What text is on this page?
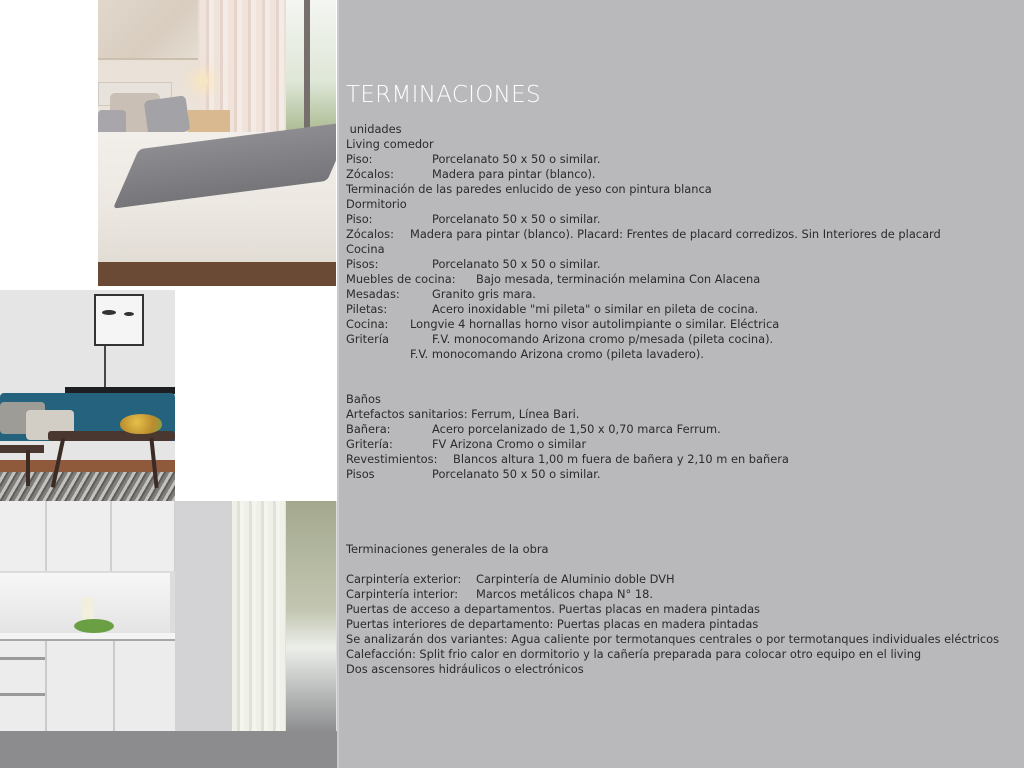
TERMINACIONES
unidades
Living comedor
Piso:	Porcelanato 50 x 50 o similar.
Zócalos:	Madera para pintar (blanco).
Terminación de las paredes enlucido de yeso con pintura blanca
Dormitorio
Piso:	Porcelanato 50 x 50 o similar.
Zócalos: Madera para pintar (blanco). Placard: Frentes de placard corredizos. Sin Interiores de placard
Cocina
Pisos:	Porcelanato 50 x 50 o similar.
Muebles de cocina: Bajo mesada, terminación melamina Con Alacena
Mesadas:	Granito gris mara.
Piletas:	Acero inoxidable "mi pileta" o similar en pileta de cocina.
Cocina: Longvie 4 hornallas horno visor autolimpiante o similar. Eléctrica
Gritería	F.V. monocomando Arizona cromo p/mesada (pileta cocina).
F.V. monocomando Arizona cromo (pileta lavadero).
Baños
Artefactos sanitarios: Ferrum, Línea Bari.
Bañera:	Acero porcelanizado de 1,50 x 0,70 marca Ferrum.
Gritería:	FV Arizona Cromo o similar
Revestimientos: Blancos altura 1,00 m fuera de bañera y 2,10 m en bañera
Pisos	Porcelanato 50 x 50 o similar.
Terminaciones generales de la obra
Carpintería exterior: Carpintería de Aluminio doble DVH
Carpintería interior: Marcos metálicos chapa N° 18.
Puertas de acceso a departamentos. Puertas placas en madera pintadas
Puertas interiores de departamento: Puertas placas en madera pintadas
Se analizarán dos variantes: Agua caliente por termotanques centrales o por termotanques individuales eléctricos
Calefacción: Split frio calor en dormitorio y la cañería preparada para colocar otro equipo en el living
Dos ascensores hidráulicos o electrónicos
